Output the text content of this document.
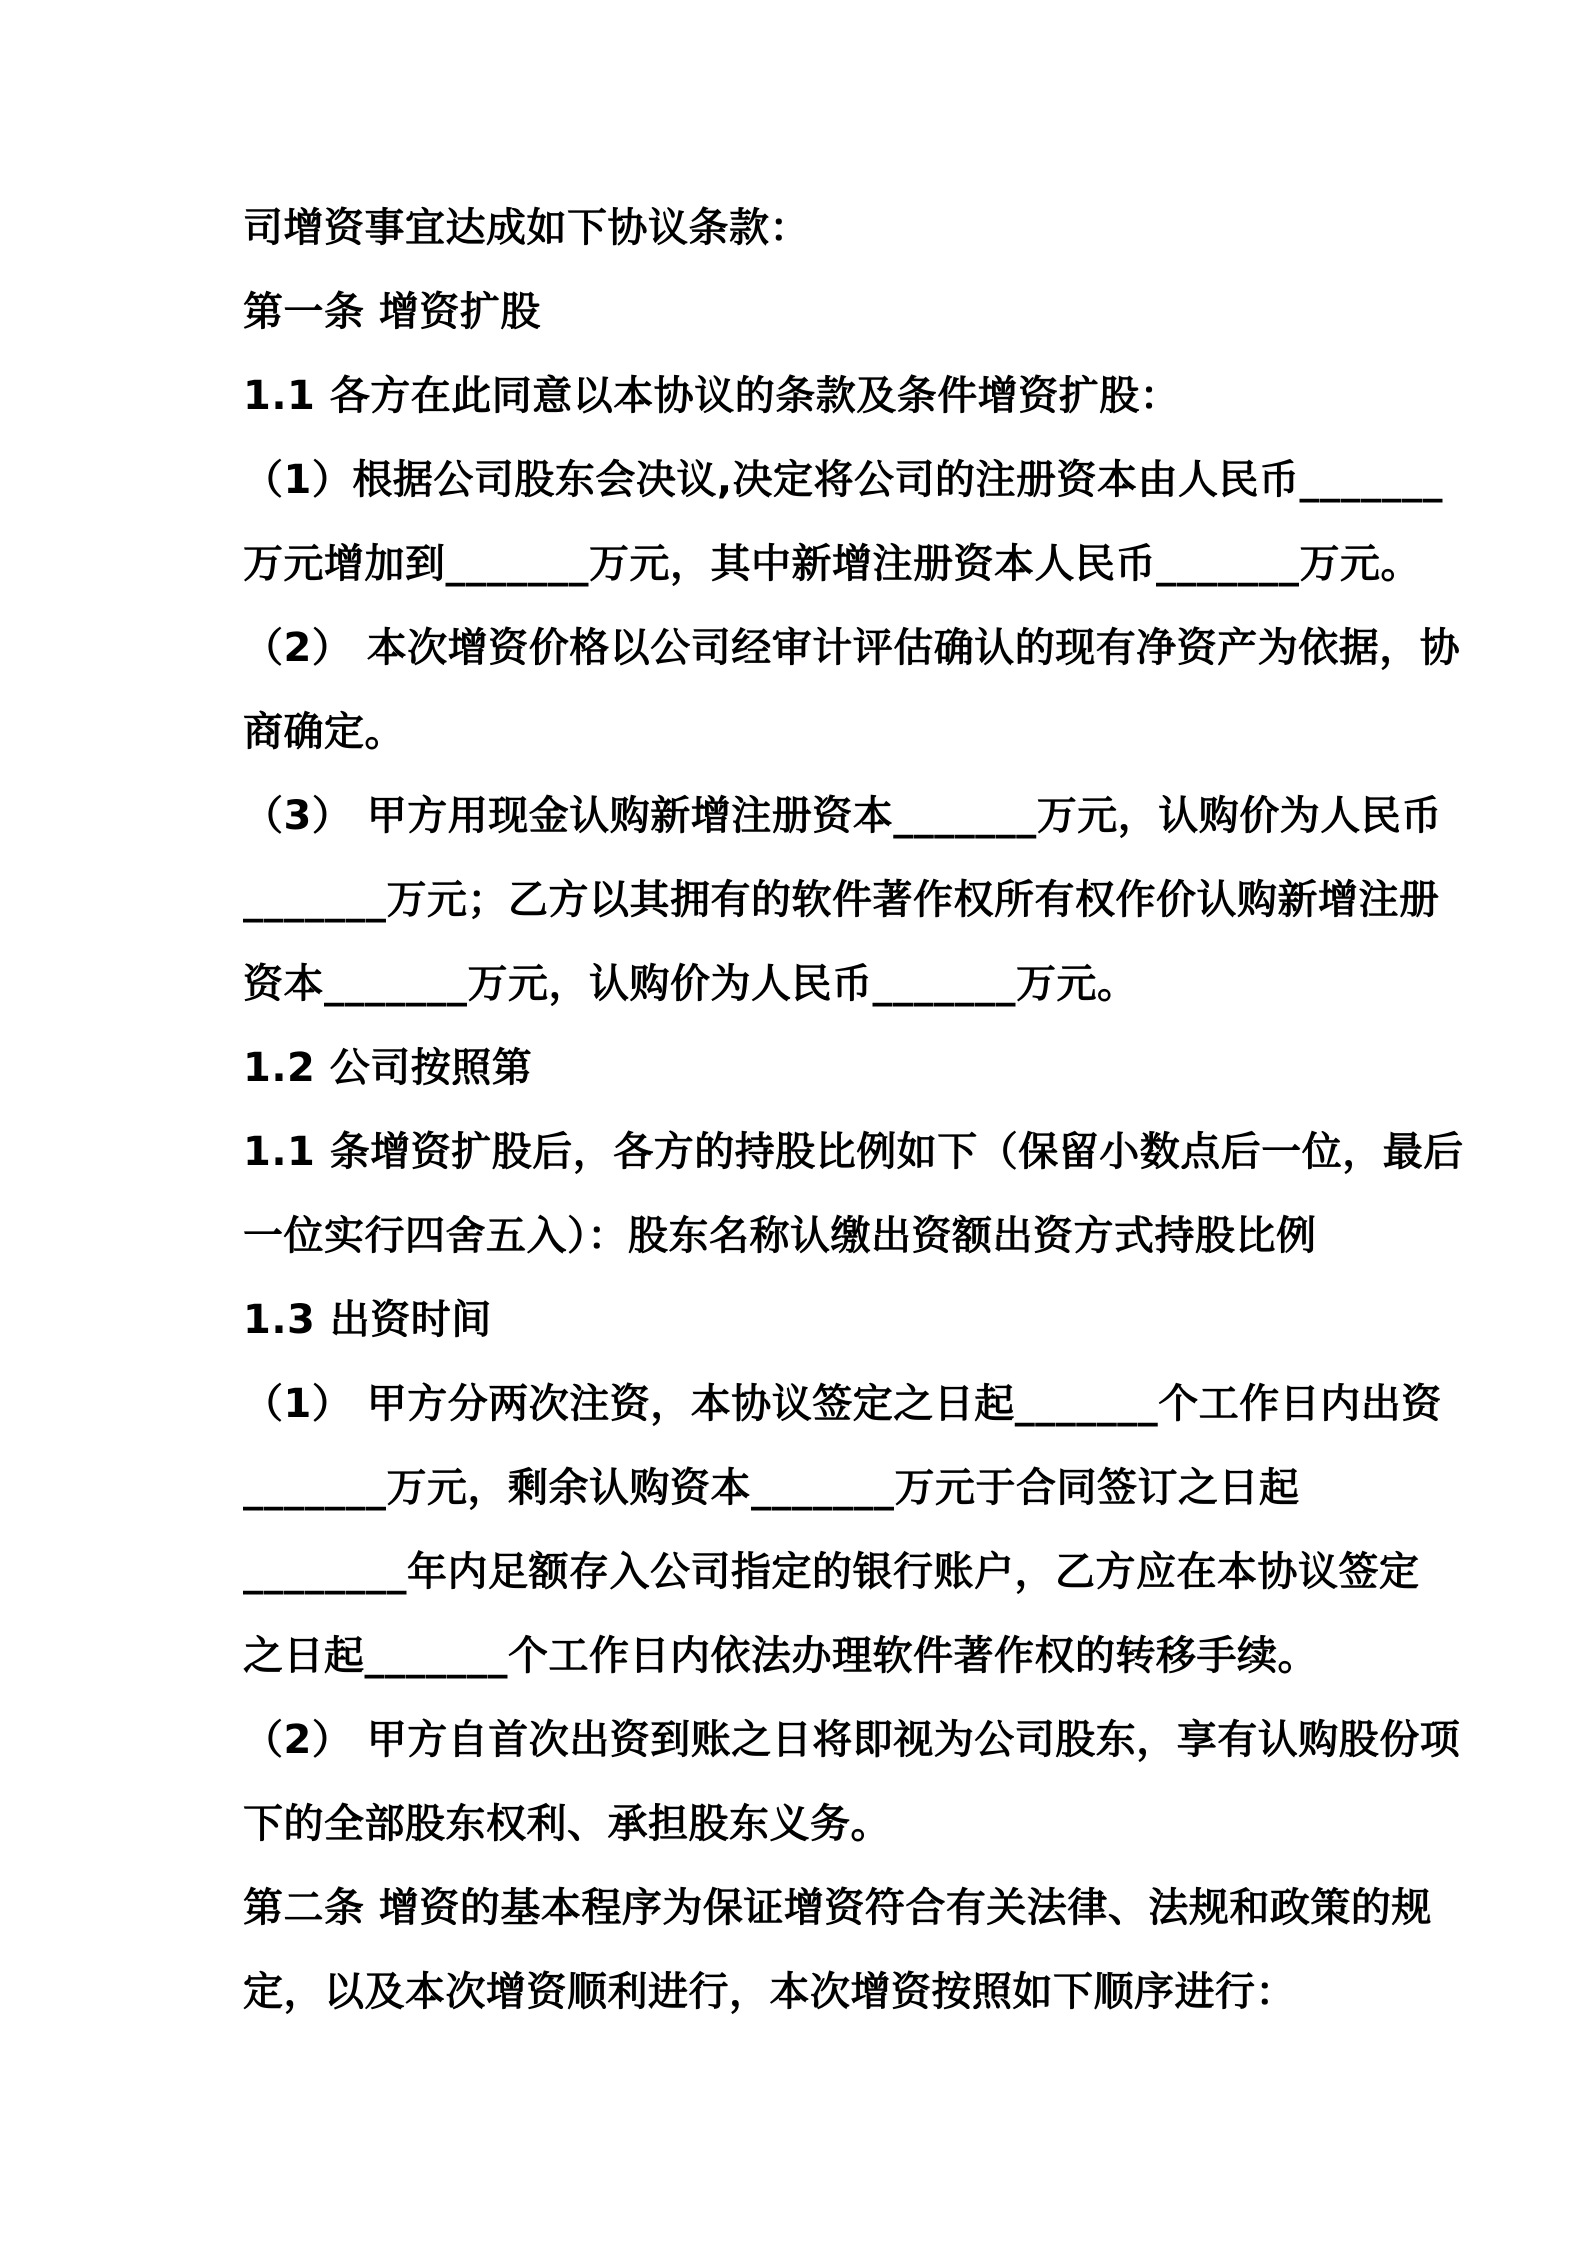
司增资事宜达成如下协议条款：
第一条 增资扩股
1.1 各方在此同意以本协议的条款及条件增资扩股：
（1）根据公司股东会决议,决定将公司的注册资本由人民币_______
万元增加到_______万元，其中新增注册资本人民币_______万元。
（2） 本次增资价格以公司经审计评估确认的现有净资产为依据，协
商确定。
（3） 甲方用现金认购新增注册资本_______万元，认购价为人民币
_______万元；乙方以其拥有的软件著作权所有权作价认购新增注册
资本_______万元，认购价为人民币_______万元。
1.2 公司按照第
1.1 条增资扩股后，各方的持股比例如下（保留小数点后一位，最后
一位实行四舍五入）：股东名称认缴出资额出资方式持股比例
1.3 出资时间
（1） 甲方分两次注资，本协议签定之日起_______个工作日内出资
_______万元，剩余认购资本_______万元于合同签订之日起
________年内足额存入公司指定的银行账户，乙方应在本协议签定
之日起_______个工作日内依法办理软件著作权的转移手续。
（2） 甲方自首次出资到账之日将即视为公司股东，享有认购股份项
下的全部股东权利、承担股东义务。
第二条 增资的基本程序为保证增资符合有关法律、法规和政策的规
定，以及本次增资顺利进行，本次增资按照如下顺序进行：
